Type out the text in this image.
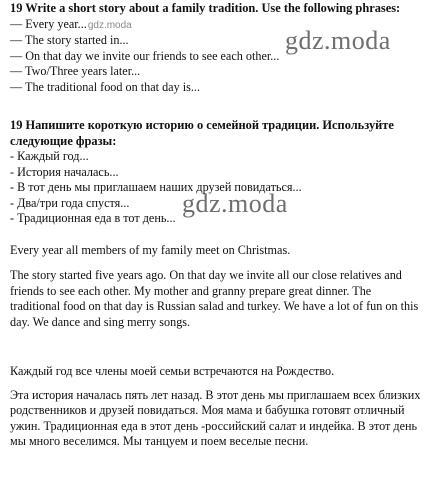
19 Write a short story about a family tradition. Use the following phrases:

— Every year...gdz.moda
— The story started in...
— On that day we invite our friends to see each other...
— Two/Three years later...
— The traditional food on that day is...
gdz.moda

19 Напишите короткую историю о семейной традиции. Используйте следующие фразы:

- Каждый год...
- История началась...
- В тот день мы приглашаем наших друзей повидаться...
- Два/три года спустя...
- Традиционная еда в тот день... gdz.moda

Every year all members of my family meet on Christmas.

The story started five years ago. On that day we invite all our close relatives and friends to see each other. My mother and granny prepare great dinner. The traditional food on that day is Russian salad and turkey. We have a lot of fun on this day. We dance and sing merry songs.

Каждый год все члены моей семьи встречаются на Рождество.

Эта история началась пять лет назад. В этот день мы приглашаем всех близких родственников и друзей повидаться. Моя мама и бабушка готовят отличный ужин. Традиционная еда в этот день -российский салат и индейка. В этот день мы много веселимся. Мы танцуем и поем веселые песни.
